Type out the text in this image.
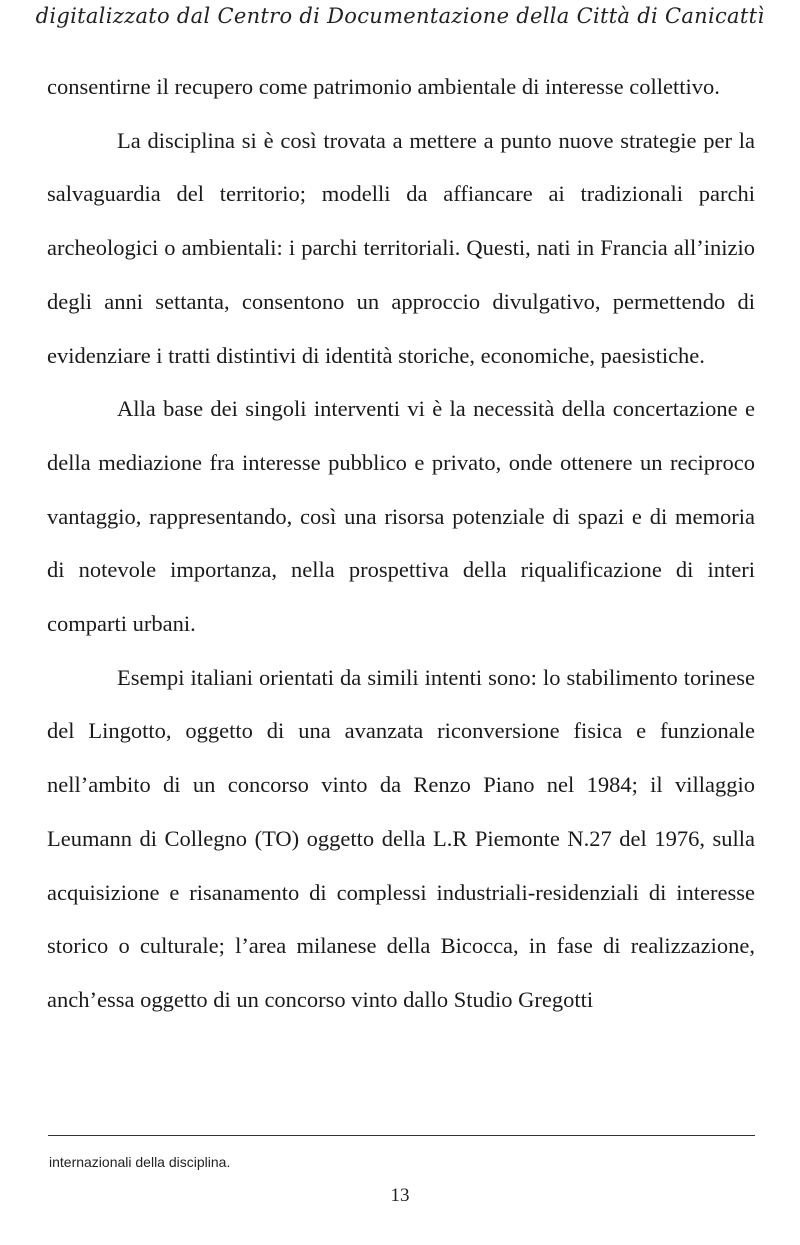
digitalizzato dal Centro di Documentazione della Città di Canicattì

consentirne il recupero come patrimonio ambientale di interesse collettivo.

La disciplina si è così trovata a mettere a punto nuove strategie per la salvaguardia del territorio; modelli da affiancare ai tradizionali parchi archeologici o ambientali: i parchi territoriali. Questi, nati in Francia all’inizio degli anni settanta, consentono un approccio divulgativo, permettendo di evidenziare i tratti distintivi di identità storiche, economiche, paesistiche.

Alla base dei singoli interventi vi è la necessità della concertazione e della mediazione fra interesse pubblico e privato, onde ottenere un reciproco vantaggio, rappresentando, così una risorsa potenziale di spazi e di memoria di notevole importanza, nella prospettiva della riqualificazione di interi comparti urbani.

Esempi italiani orientati da simili intenti sono: lo stabilimento torinese del Lingotto, oggetto di una avanzata riconversione fisica e funzionale nell’ambito di un concorso vinto da Renzo Piano nel 1984; il villaggio Leumann di Collegno (TO) oggetto della L.R Piemonte N.27 del 1976, sulla acquisizione e risanamento di complessi industriali-residenziali di interesse storico o culturale; l’area milanese della Bicocca, in fase di realizzazione, anch’essa oggetto di un concorso vinto dallo Studio Gregotti

internazionali della disciplina.
13
